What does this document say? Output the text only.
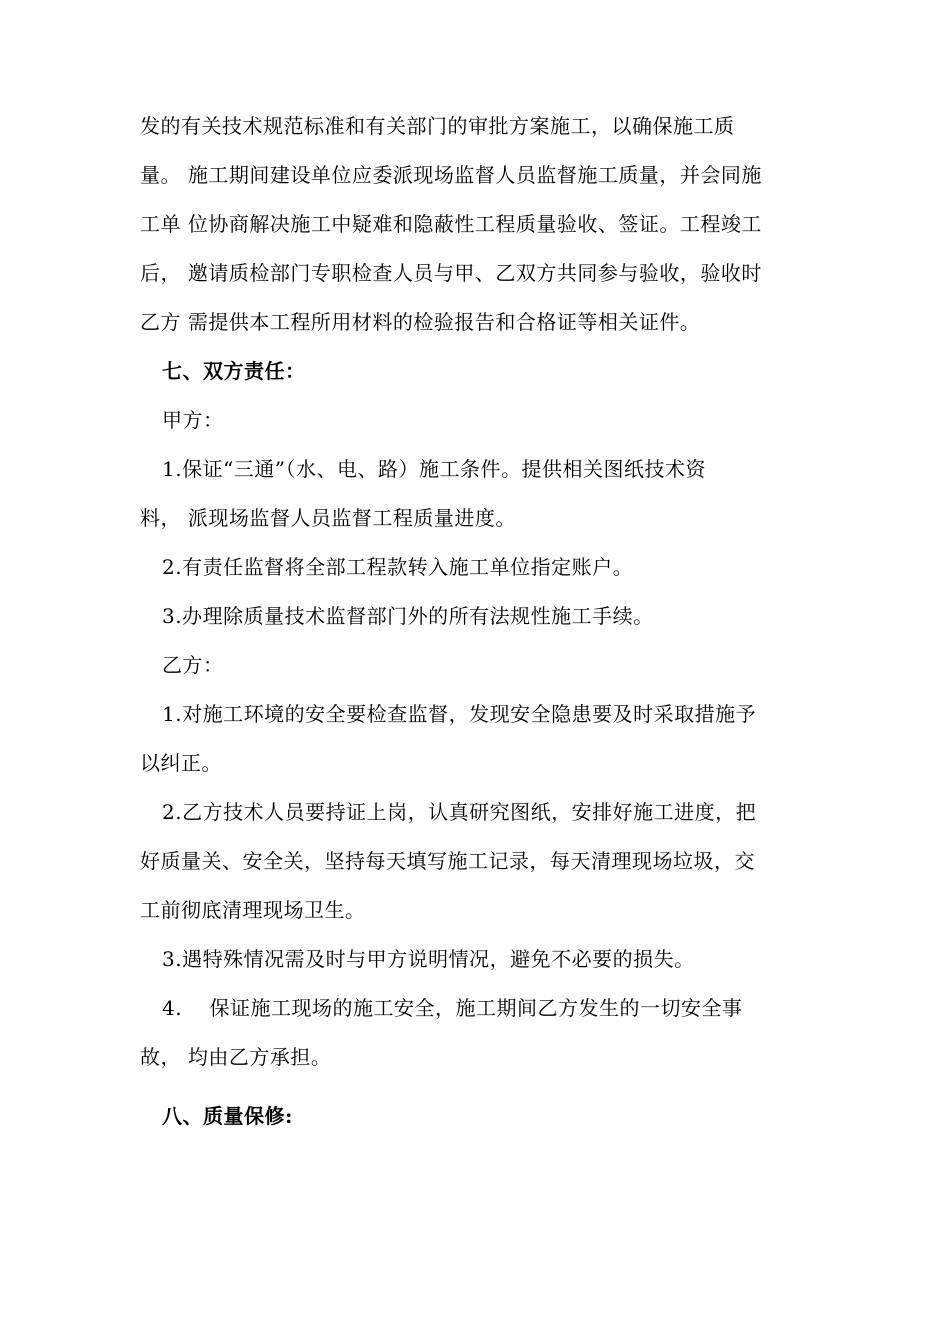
发的有关技术规范标准和有关部门的审批方案施工，以确保施工质
量。 施工期间建设单位应委派现场监督人员监督施工质量，并会同施
工单 位协商解决施工中疑难和隐蔽性工程质量验收、签证。工程竣工
后， 邀请质检部门专职检查人员与甲、乙双方共同参与验收，验收时
乙方 需提供本工程所用材料的检验报告和合格证等相关证件。
七、双方责任：
甲方：
1.保证“三通”（水、电、路）施工条件。提供相关图纸技术资
料， 派现场监督人员监督工程质量进度。
2.有责任监督将全部工程款转入施工单位指定账户。
3.办理除质量技术监督部门外的所有法规性施工手续。
乙方：
1.对施工环境的安全要检查监督，发现安全隐患要及时采取措施予
以纠正。
2.乙方技术人员要持证上岗，认真研究图纸，安排好施工进度，把
好质量关、安全关，坚持每天填写施工记录，每天清理现场垃圾，交
工前彻底清理现场卫生。
3.遇特殊情况需及时与甲方说明情况，避免不必要的损失。
4.    保证施工现场的施工安全，施工期间乙方发生的一切安全事
故， 均由乙方承担。
八、质量保修:
